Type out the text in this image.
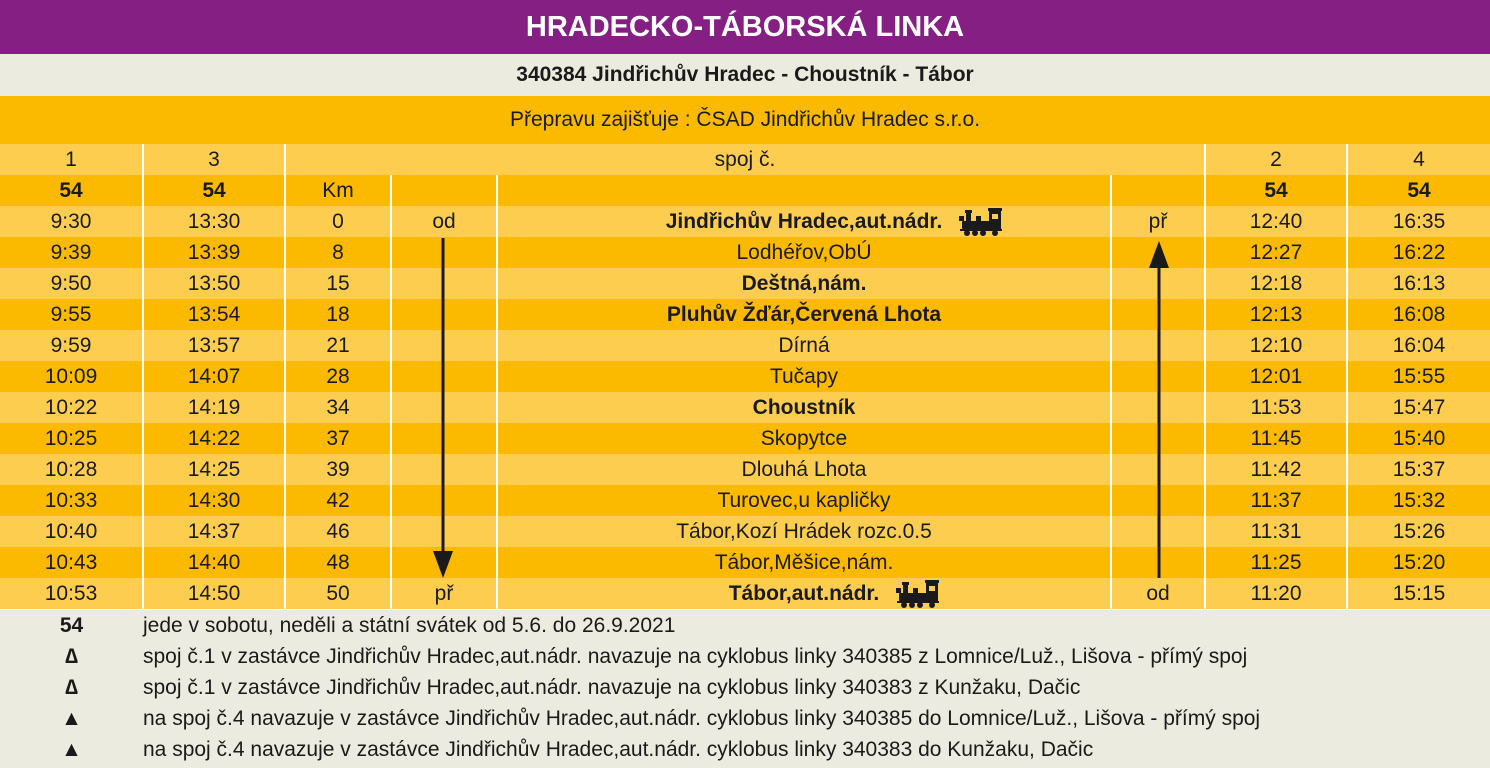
HRADECKO-TÁBORSKÁ LINKA
340384 Jindřichův Hradec - Choustník - Tábor
Přepravu zajišťuje : ČSAD Jindřichův Hradec s.r.o.
1	3	spoj č.				2	4
54	54	Km				54	54
9:30	13:30	0	od	Jindřichův Hradec,aut.nádr.	př	12:40	16:35
9:39	13:39	8		Lodhéřov,ObÚ		12:27	16:22
9:50	13:50	15		Deštná,nám.		12:18	16:13
9:55	13:54	18		Pluhův Žďár,Červená Lhota		12:13	16:08
9:59	13:57	21		Dírná		12:10	16:04
10:09	14:07	28		Tučapy		12:01	15:55
10:22	14:19	34		Choustník		11:53	15:47
10:25	14:22	37		Skopytce		11:45	15:40
10:28	14:25	39		Dlouhá Lhota		11:42	15:37
10:33	14:30	42		Turovec,u kapličky		11:37	15:32
10:40	14:37	46		Tábor,Kozí Hrádek rozc.0.5		11:31	15:26
10:43	14:40	48		Tábor,Měšice,nám.		11:25	15:20
10:53	14:50	50	př	Tábor,aut.nádr.	od	11:20	15:15
54	jede v sobotu, neděli a státní svátek od 5.6. do 26.9.2021
∆	spoj č.1 v zastávce Jindřichův Hradec,aut.nádr. navazuje na cyklobus linky 340385 z Lomnice/Luž., Lišova - přímý spoj
∆	spoj č.1 v zastávce Jindřichův Hradec,aut.nádr. navazuje na cyklobus linky 340383 z Kunžaku, Dačic
▲	na spoj č.4 navazuje v zastávce Jindřichův Hradec,aut.nádr. cyklobus linky 340385 do Lomnice/Luž., Lišova - přímý spoj
▲	na spoj č.4 navazuje v zastávce Jindřichův Hradec,aut.nádr. cyklobus linky 340383 do Kunžaku, Dačic
